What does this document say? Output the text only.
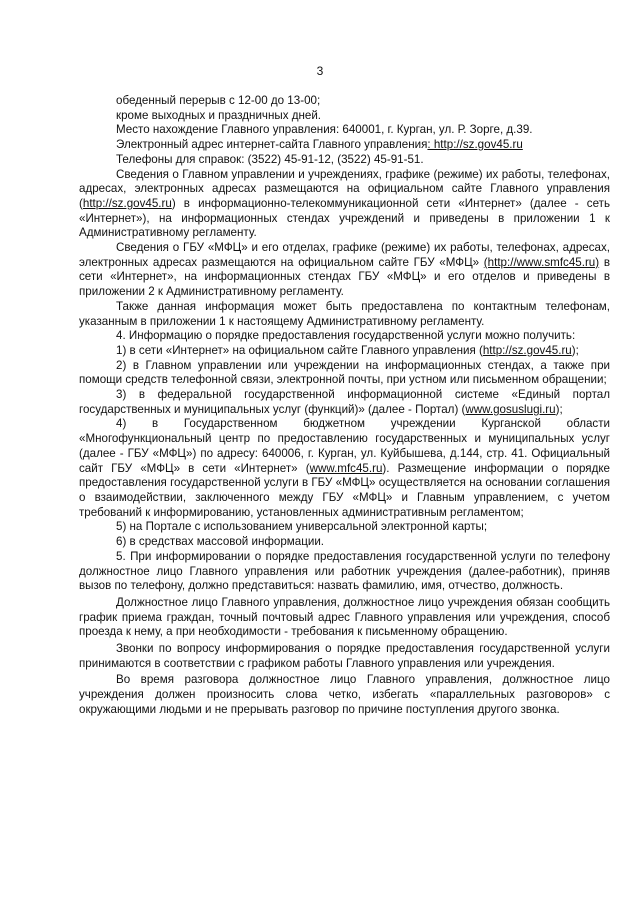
3

обеденный перерыв с 12-00 до 13-00;

кроме выходных и праздничных дней.

Место нахождение Главного управления: 640001, г. Курган, ул. Р. Зорге, д.39.

Электронный адрес интернет-сайта Главного управления: http://sz.gov45.ru

Телефоны для справок: (3522) 45-91-12, (3522) 45-91-51.

Сведения о Главном управлении и учреждениях, графике (режиме) их работы, телефонах, адресах, электронных адресах размещаются на официальном сайте Главного управления (http://sz.gov45.ru) в информационно-телекоммуникационной сети «Интернет» (далее - сеть «Интернет»), на информационных стендах учреждений и приведены в приложении 1 к Административному регламенту.

Сведения о ГБУ «МФЦ» и его отделах, графике (режиме) их работы, телефонах, адресах, электронных адресах размещаются на официальном сайте ГБУ «МФЦ» (http://www.smfc45.ru) в сети «Интернет», на информационных стендах ГБУ «МФЦ» и его отделов и приведены в приложении 2 к Административному регламенту.

Также данная информация может быть предоставлена по контактным телефонам, указанным в приложении 1 к настоящему Административному регламенту.

4. Информацию о порядке предоставления государственной услуги можно получить:

1) в сети «Интернет» на официальном сайте Главного управления (http://sz.gov45.ru);

2) в Главном управлении или учреждении на информационных стендах, а также при помощи средств телефонной связи, электронной почты, при устном или письменном обращении;

3) в федеральной государственной информационной системе «Единый портал государственных и муниципальных услуг (функций)» (далее - Портал) (www.gosuslugi.ru);

4) в Государственном бюджетном учреждении Курганской области «Многофункциональный центр по предоставлению государственных и муниципальных услуг (далее - ГБУ «МФЦ») по адресу: 640006, г. Курган, ул. Куйбышева, д.144, стр. 41. Официальный сайт ГБУ «МФЦ» в сети «Интернет» (www.mfc45.ru). Размещение информации о порядке предоставления государственной услуги в ГБУ «МФЦ» осуществляется на основании соглашения о взаимодействии, заключенного между ГБУ «МФЦ» и Главным управлением, с учетом требований к информированию, установленных административным регламентом;

5) на Портале с использованием универсальной электронной карты;

6) в средствах массовой информации.

5. При информировании о порядке предоставления государственной услуги по телефону должностное лицо Главного управления или работник учреждения (далее-работник), приняв вызов по телефону, должно представиться: назвать фамилию, имя, отчество, должность.

Должностное лицо Главного управления, должностное лицо учреждения обязан сообщить график приема граждан, точный почтовый адрес Главного управления или учреждения, способ проезда к нему, а при необходимости - требования к письменному обращению.

Звонки по вопросу информирования о порядке предоставления государственной услуги принимаются в соответствии с графиком работы Главного управления или учреждения.

Во время разговора должностное лицо Главного управления, должностное лицо учреждения должен произносить слова четко, избегать «параллельных разговоров» с окружающими людьми и не прерывать разговор по причине поступления другого звонка.
